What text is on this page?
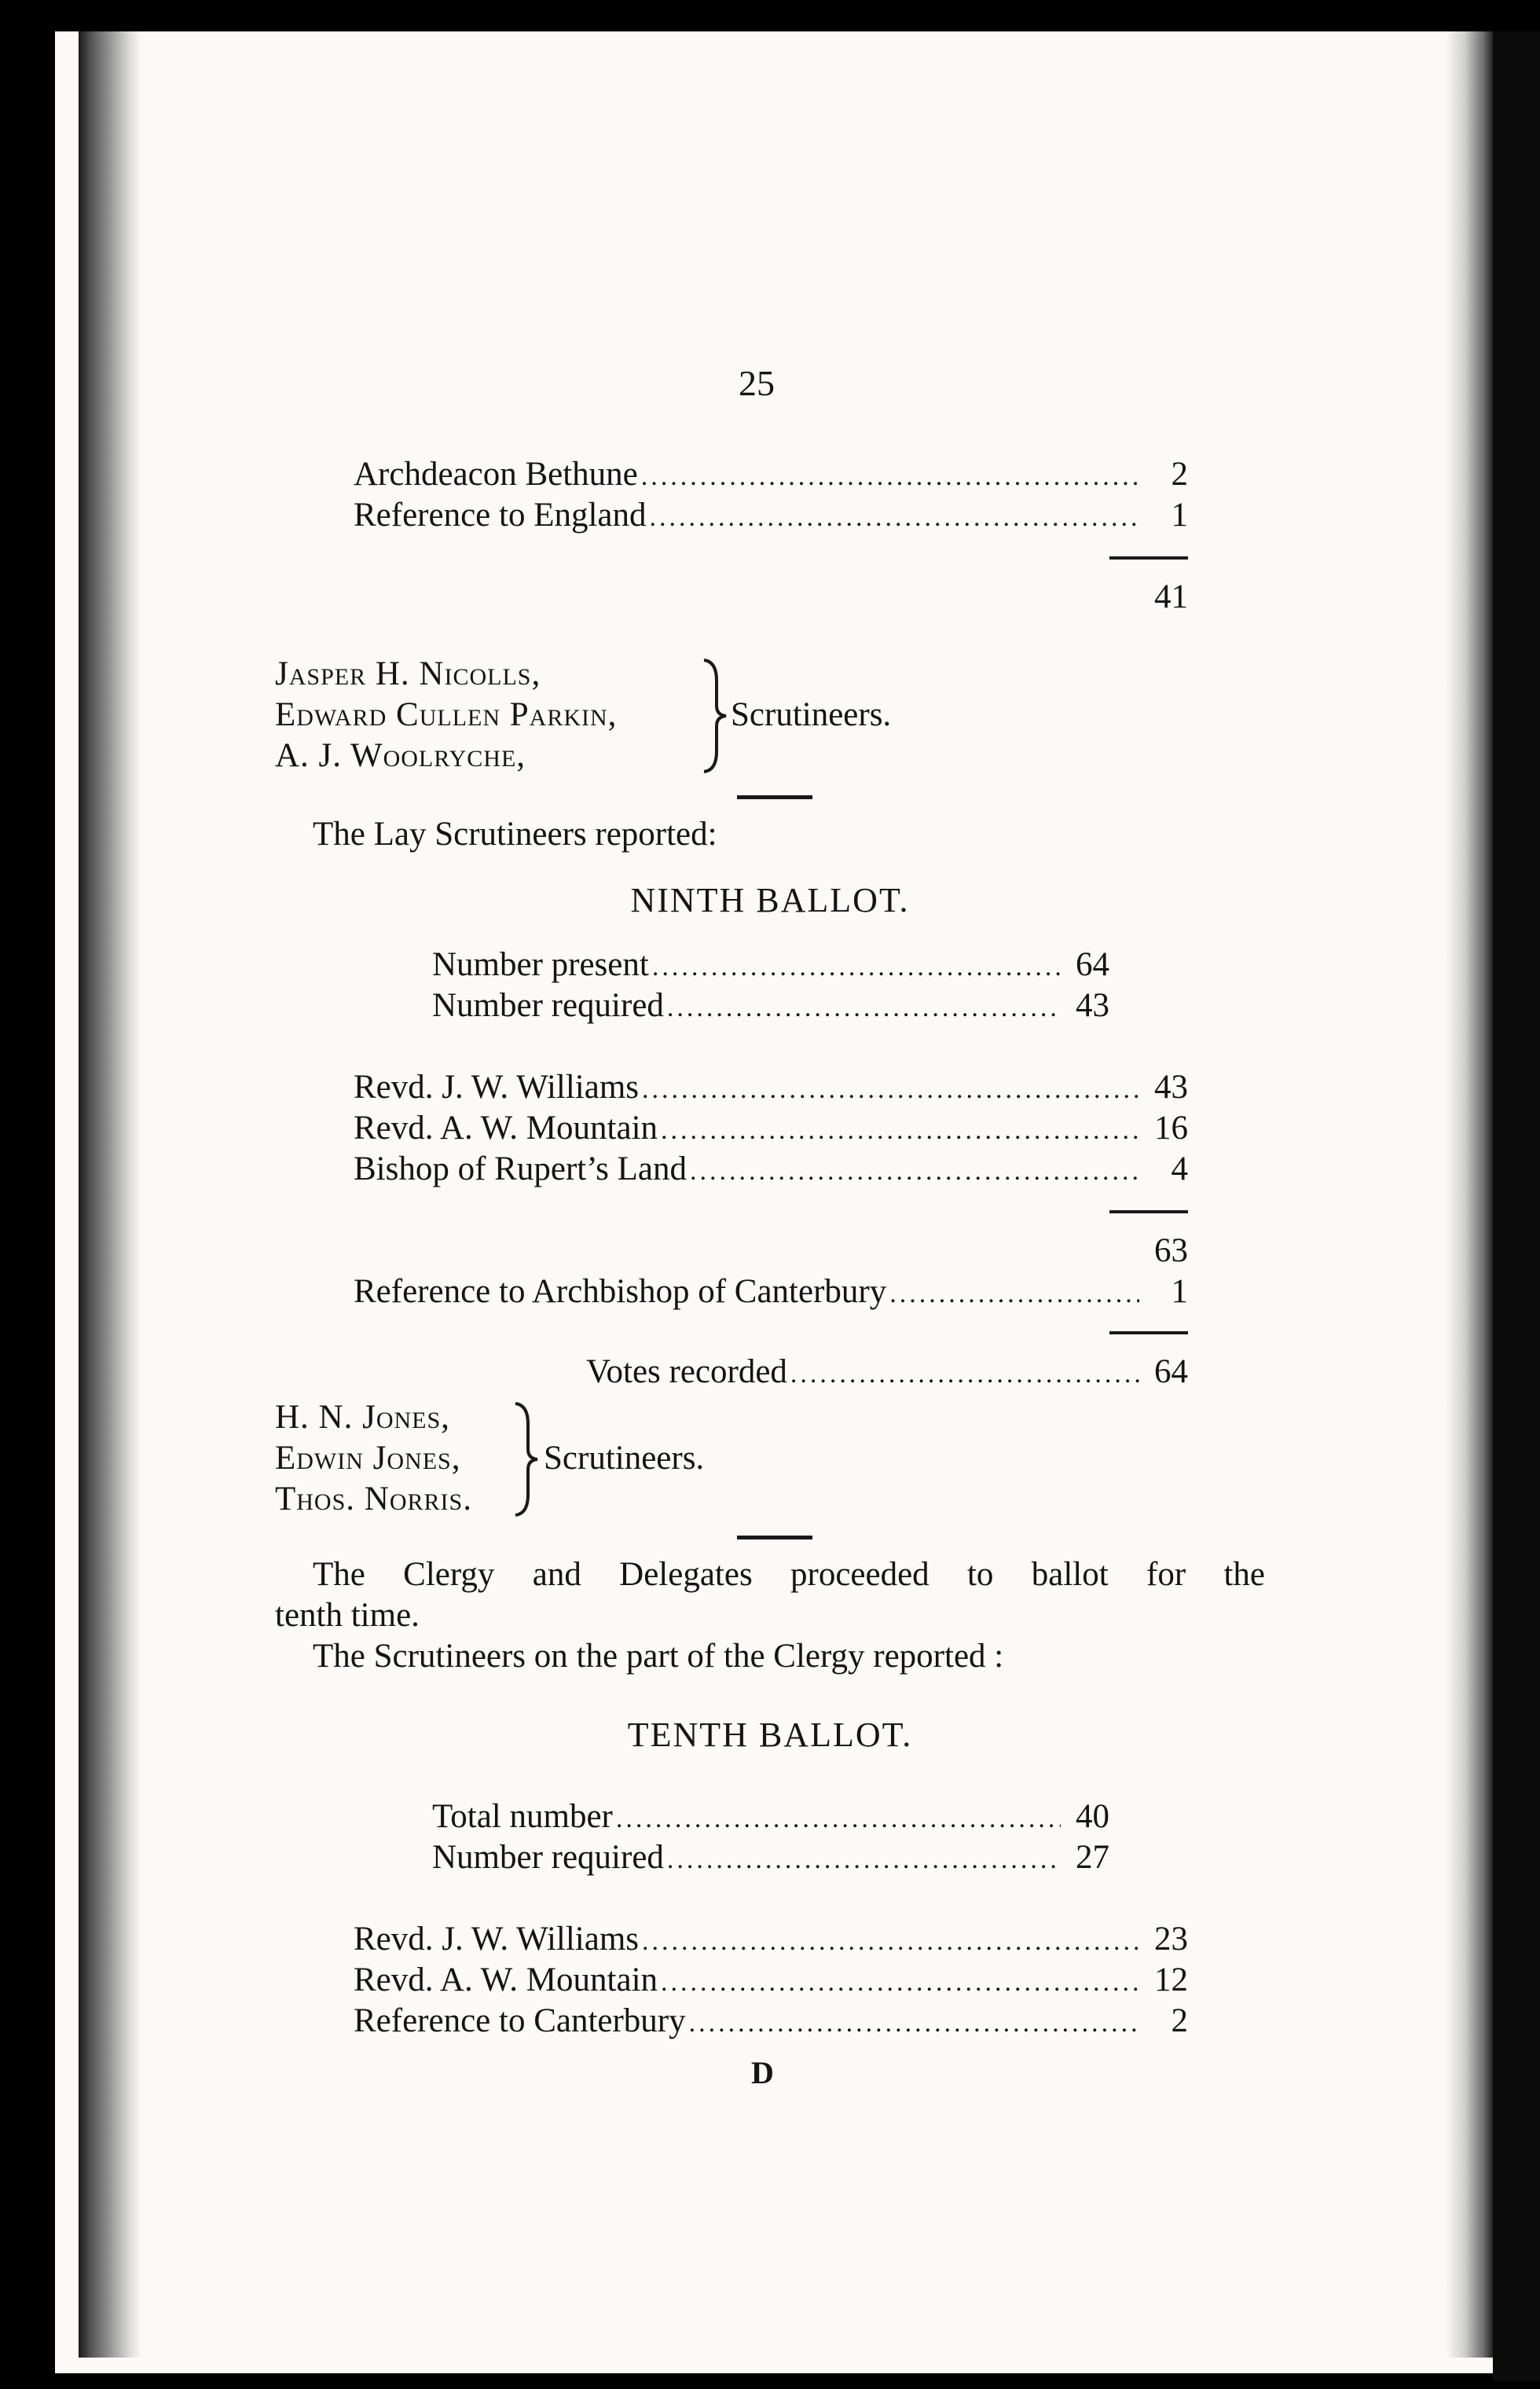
25
Archdeacon Bethune .....	2
Reference to England .....	1
41
Jasper H. Nicolls,
Edward Cullen Parkin,
A. J. Woolryche,
Scrutineers.
The Lay Scrutineers reported:
NINTH BALLOT.
Number present .....	64
Number required .....	43
Revd. J. W. Williams .....	43
Revd. A. W. Mountain .....	16
Bishop of Rupert’s Land .....	4
63
Reference to Archbishop of Canterbury .....	1
Votes recorded .....	64
H. N. Jones,
Edwin Jones,
Thos. Norris.
Scrutineers.
The Clergy and Delegates proceeded to ballot for the
tenth time.
The Scrutineers on the part of the Clergy reported :
TENTH BALLOT.
Total number .....	40
Number required .....	27
Revd. J. W. Williams .....	23
Revd. A. W. Mountain .....	12
Reference to Canterbury .....	2
D
